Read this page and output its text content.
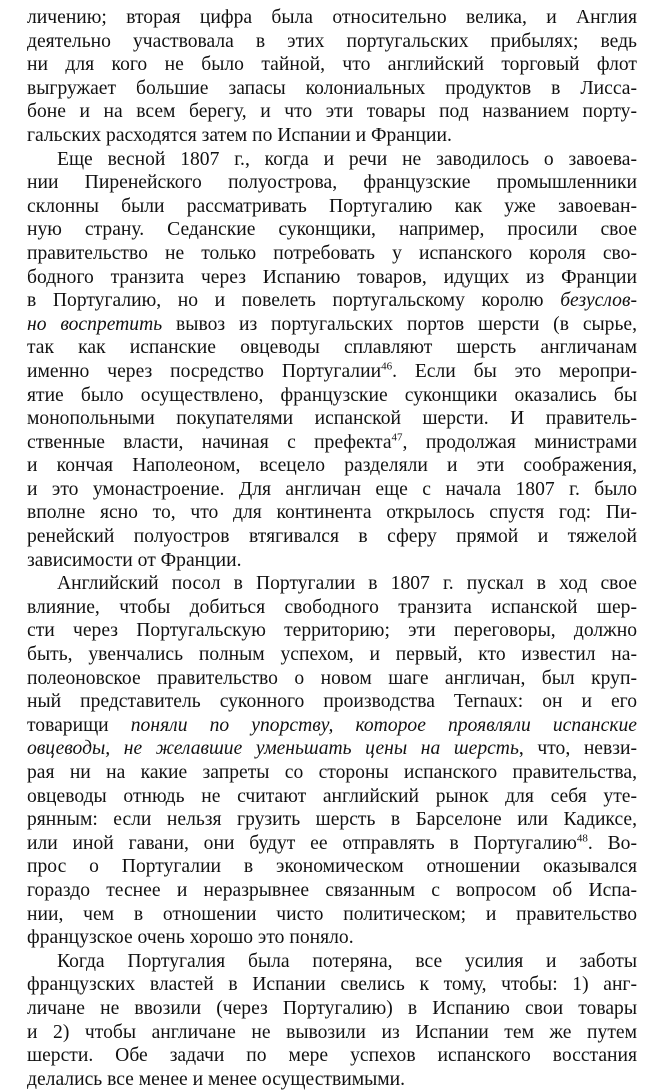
личению; вторая цифра была относительно велика, и Англия
деятельно участвовала в этих португальских прибылях; ведь
ни для кого не было тайной, что английский торговый флот
выгружает большие запасы колониальных продуктов в Лисса-
боне и на всем берегу, и что эти товары под названием порту-
гальских расходятся затем по Испании и Франции.
Еще весной 1807 г., когда и речи не заводилось о завоева-
нии Пиренейского полуострова, французские промышленники
склонны были рассматривать Португалию как уже завоеван-
ную страну. Седанские суконщики, например, просили свое
правительство не только потребовать у испанского короля сво-
бодного транзита через Испанию товаров, идущих из Франции
в Португалию, но и повелеть португальскому королю безуслов-
но воспретить вывоз из португальских портов шерсти (в сырье,
так как испанские овцеводы сплавляют шерсть англичанам
именно через посредство Португалии$^{46}$. Если бы это меропри-
ятие было осуществлено, французские суконщики оказались бы
монопольными покупателями испанской шерсти. И правитель-
ственные власти, начиная с префекта$^{47}$, продолжая министрами
и кончая Наполеоном, всецело разделяли и эти соображения,
и это умонастроение. Для англичан еще с начала 1807 г. было
вполне ясно то, что для континента открылось спустя год: Пи-
ренейский полуостров втягивался в сферу прямой и тяжелой
зависимости от Франции.
Английский посол в Португалии в 1807 г. пускал в ход свое
влияние, чтобы добиться свободного транзита испанской шер-
сти через Португальскую территорию; эти переговоры, должно
быть, увенчались полным успехом, и первый, кто известил на-
полеоновское правительство о новом шаге англичан, был круп-
ный представитель суконного производства Ternaux: он и его
товарищи поняли по упорству, которое проявляли испанские
овцеводы, не желавшие уменьшать цены на шерсть, что, невзи-
рая ни на какие запреты со стороны испанского правительства,
овцеводы отнюдь не считают английский рынок для себя уте-
рянным: если нельзя грузить шерсть в Барселоне или Кадиксе,
или иной гавани, они будут ее отправлять в Португалию$^{48}$. Во-
прос о Португалии в экономическом отношении оказывался
гораздо теснее и неразрывнее связанным с вопросом об Испа-
нии, чем в отношении чисто политическом; и правительство
французское очень хорошо это поняло.
Когда Португалия была потеряна, все усилия и заботы
французских властей в Испании свелись к тому, чтобы: 1) анг-
личане не ввозили (через Португалию) в Испанию свои товары
и 2) чтобы англичане не вывозили из Испании тем же путем
шерсти. Обе задачи по мере успехов испанского восстания
делались все менее и менее осуществимыми.
